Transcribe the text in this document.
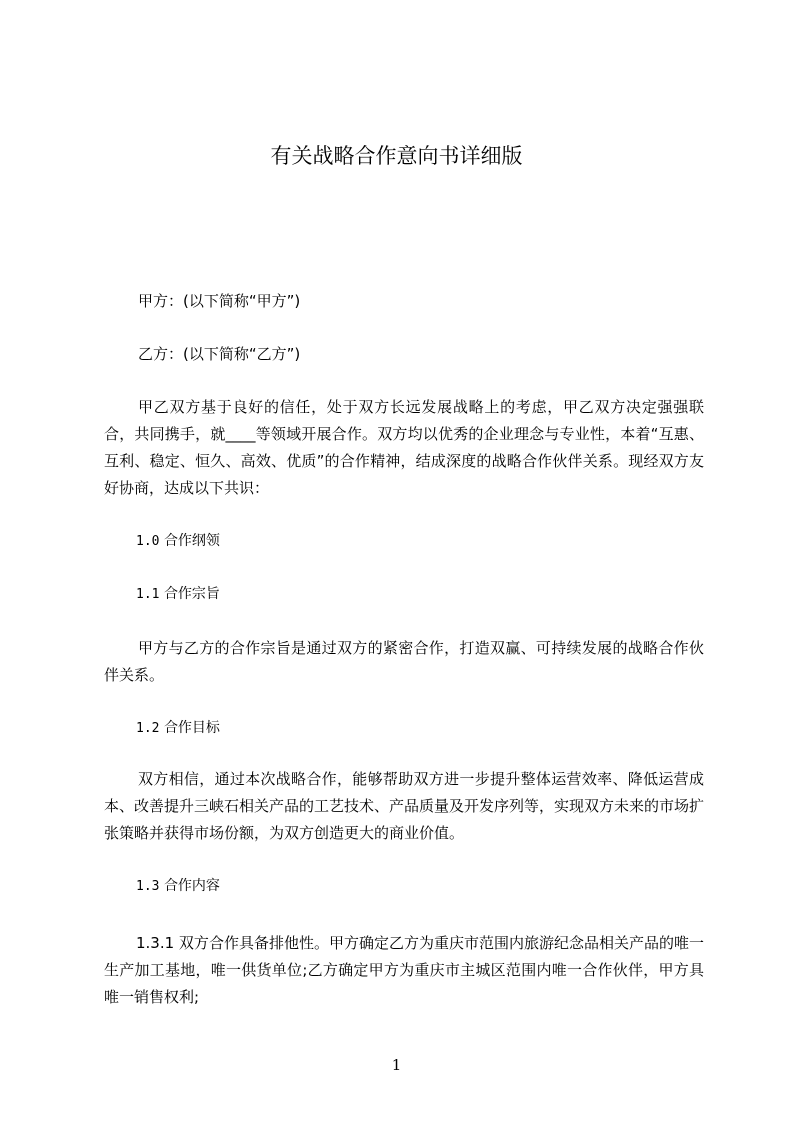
有关战略合作意向书详细版
甲方：(以下简称“甲方”)
乙方：(以下简称“乙方”)
甲乙双方基于良好的信任，处于双方长远发展战略上的考虑，甲乙双方决定强强联合，共同携手，就____等领域开展合作。双方均以优秀的企业理念与专业性，本着“互惠、互利、稳定、恒久、高效、优质”的合作精神，结成深度的战略合作伙伴关系。现经双方友好协商，达成以下共识：
1.0 合作纲领
1.1 合作宗旨
甲方与乙方的合作宗旨是通过双方的紧密合作，打造双赢、可持续发展的战略合作伙伴关系。
1.2 合作目标
双方相信，通过本次战略合作，能够帮助双方进一步提升整体运营效率、降低运营成本、改善提升三峡石相关产品的工艺技术、产品质量及开发序列等，实现双方未来的市场扩张策略并获得市场份额，为双方创造更大的商业价值。
1.3 合作内容
1.3.1 双方合作具备排他性。甲方确定乙方为重庆市范围内旅游纪念品相关产品的唯一生产加工基地，唯一供货单位;乙方确定甲方为重庆市主城区范围内唯一合作伙伴，甲方具唯一销售权利;
1
